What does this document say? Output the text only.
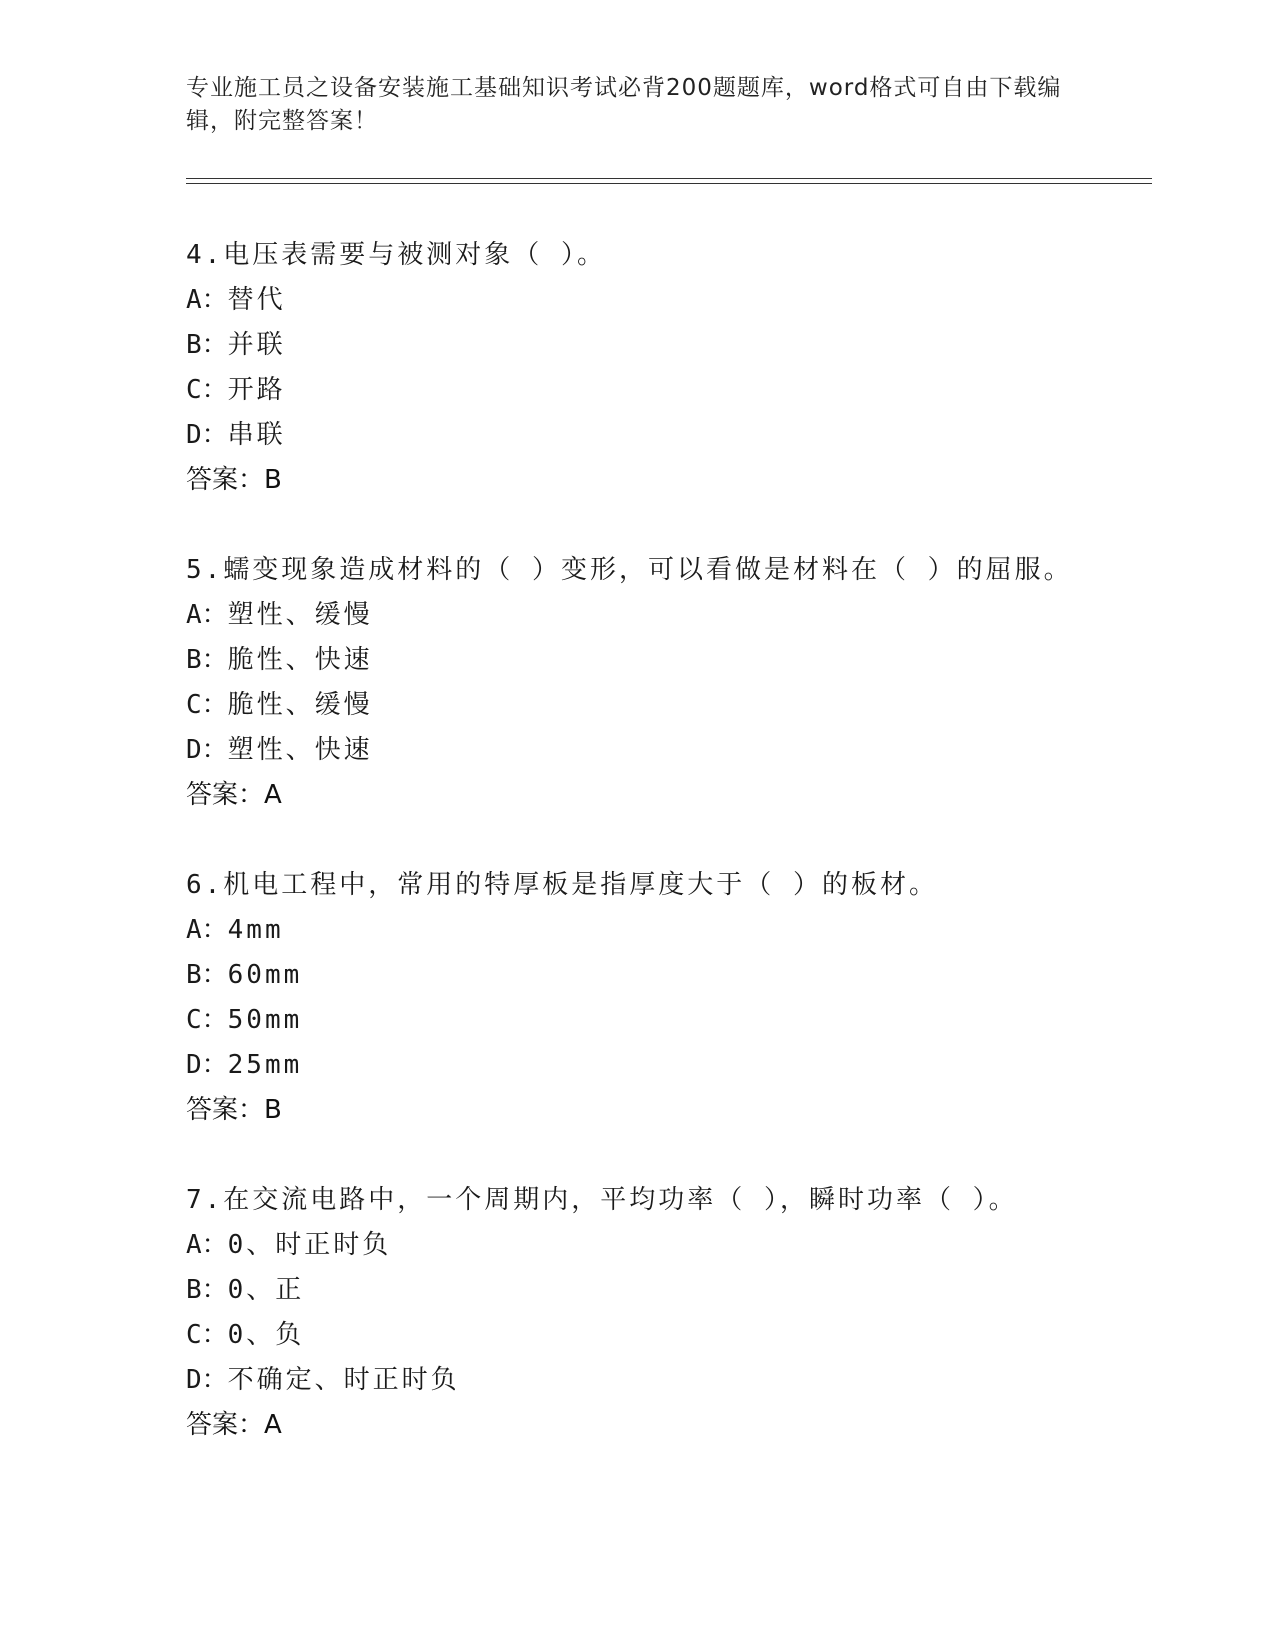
专业施工员之设备安装施工基础知识考试必背200题题库，word格式可自由下载编辑，附完整答案！
4.电压表需要与被测对象（ ）。
A：替代
B：并联
C：开路
D：串联
答案：B
5.蠕变现象造成材料的（ ）变形，可以看做是材料在（ ）的屈服。
A：塑性、缓慢
B：脆性、快速
C：脆性、缓慢
D：塑性、快速
答案：A
6.机电工程中，常用的特厚板是指厚度大于（ ）的板材。
A：4mm
B：60mm
C：50mm
D：25mm
答案：B
7.在交流电路中，一个周期内，平均功率（ ），瞬时功率（ ）。
A：0、时正时负
B：0、正
C：0、负
D：不确定、时正时负
答案：A
